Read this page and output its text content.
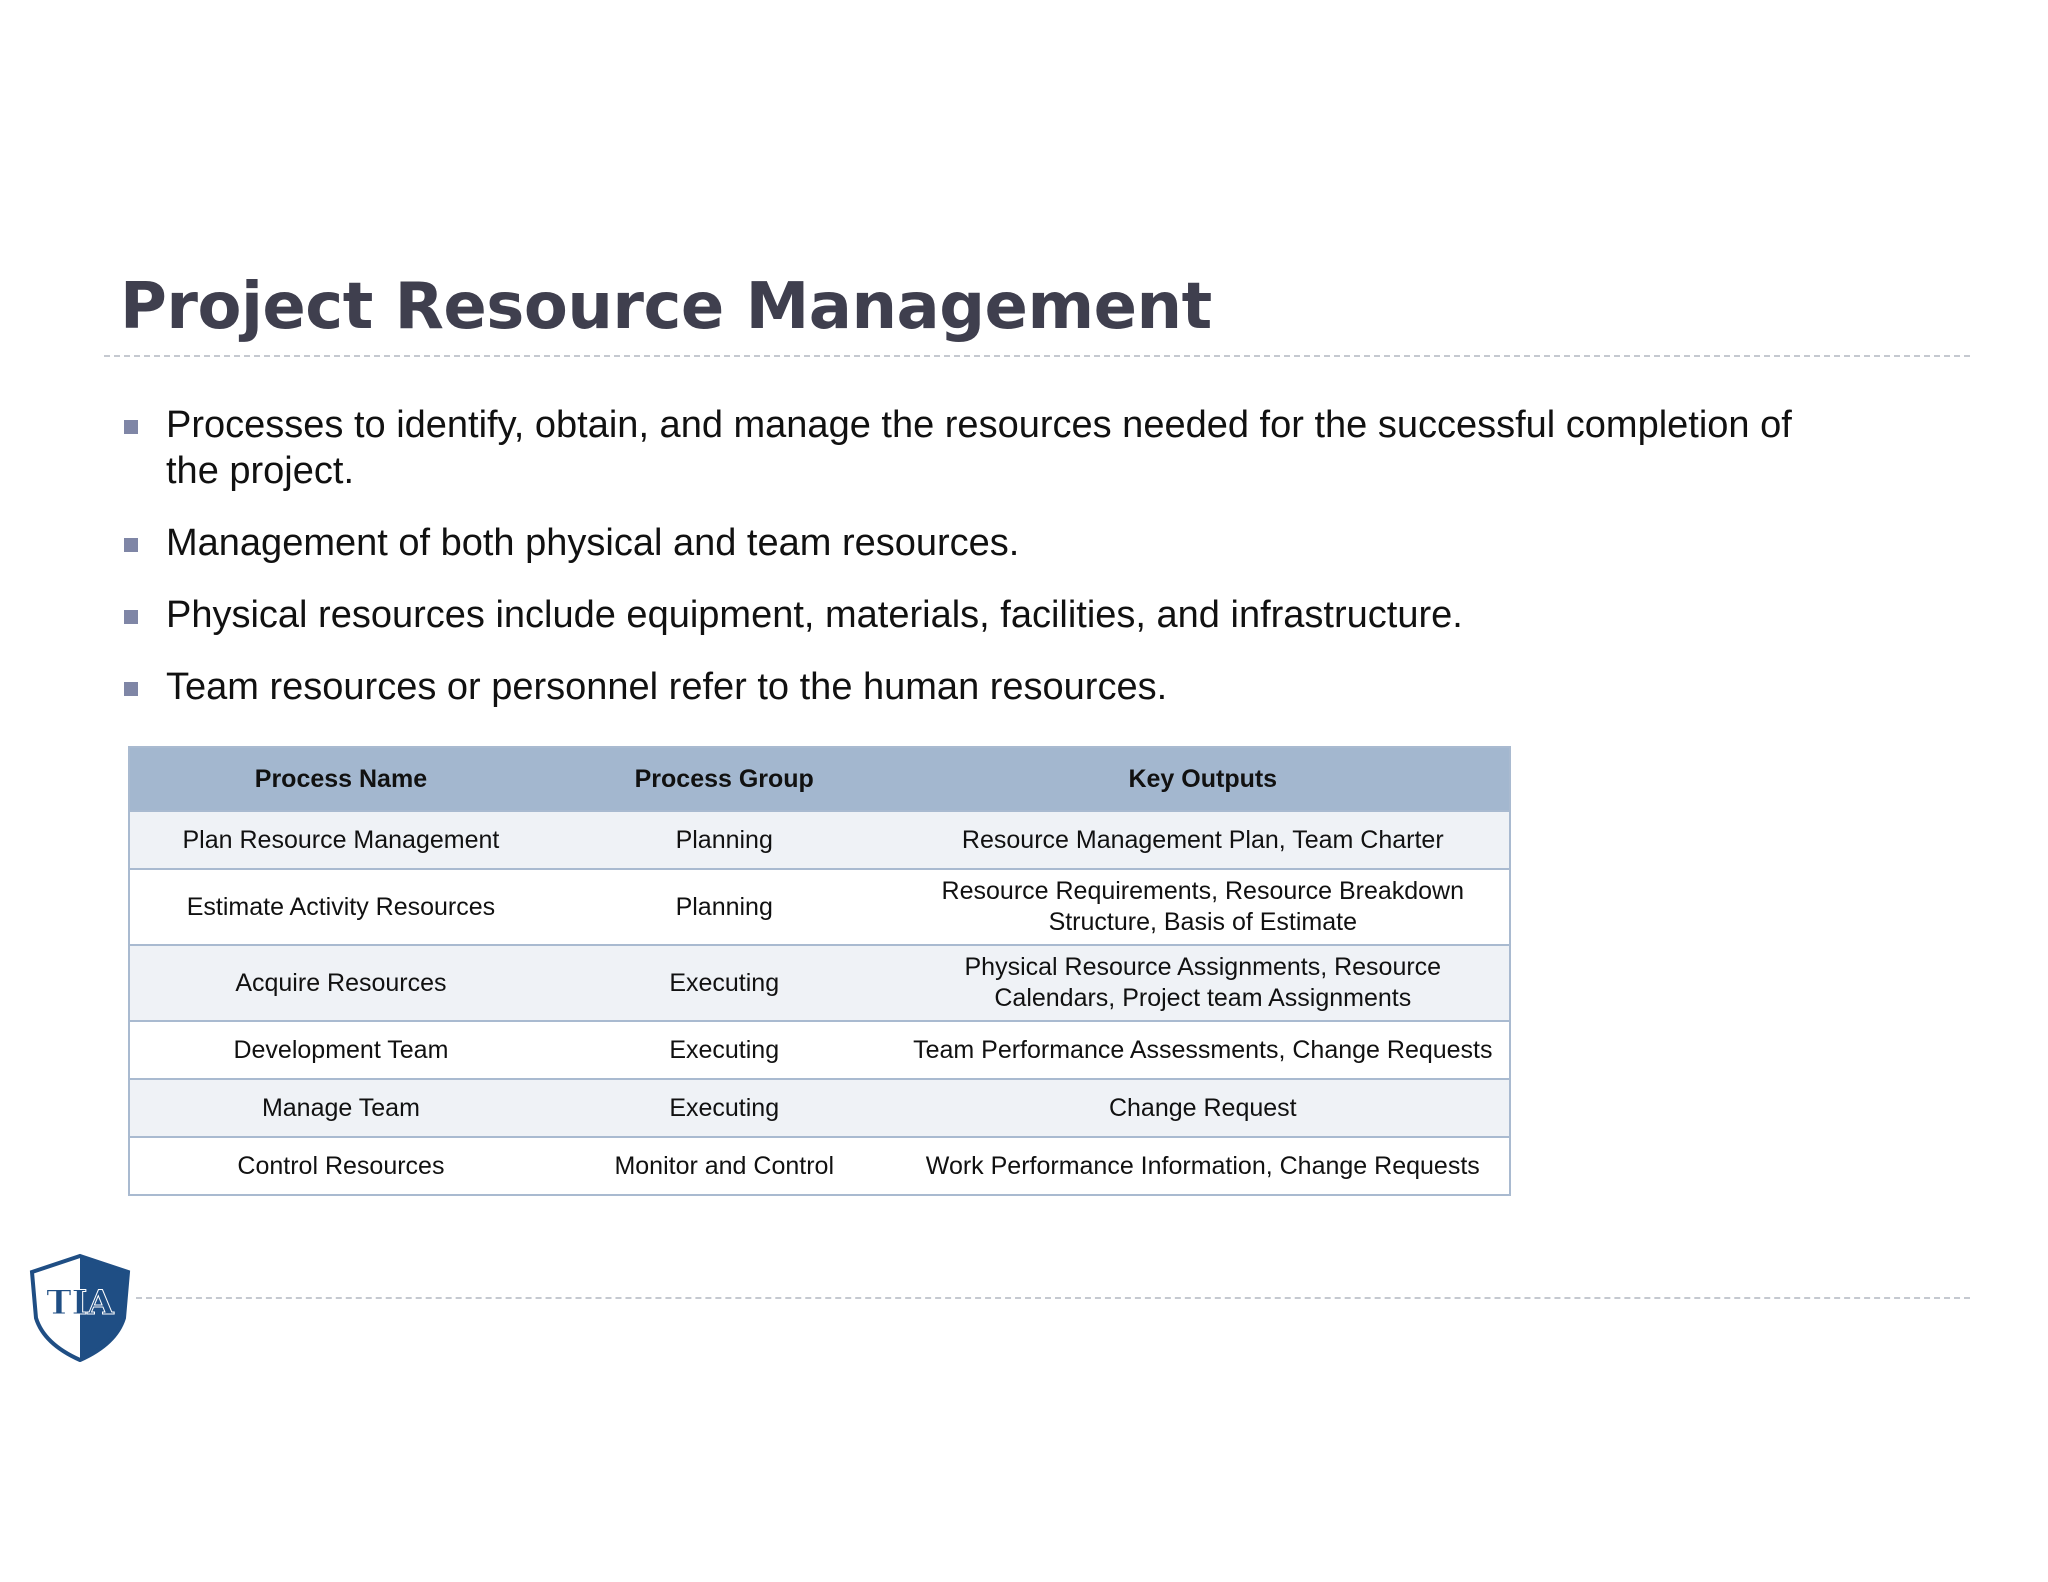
Project Resource Management
Processes to identify, obtain, and manage the resources needed for the successful completion of the project.
Management of both physical and team resources.
Physical resources include equipment, materials, facilities, and infrastructure.
Team resources or personnel refer to the human resources.
Process Name	Process Group	Key Outputs
Plan Resource Management	Planning	Resource Management Plan, Team Charter
Estimate Activity Resources	Planning	Resource Requirements, Resource Breakdown Structure, Basis of Estimate
Acquire Resources	Executing	Physical Resource Assignments, Resource Calendars, Project team Assignments
Development Team	Executing	Team Performance Assessments, Change Requests
Manage Team	Executing	Change Request
Control Resources	Monitor and Control	Work Performance Information, Change Requests
TIA
